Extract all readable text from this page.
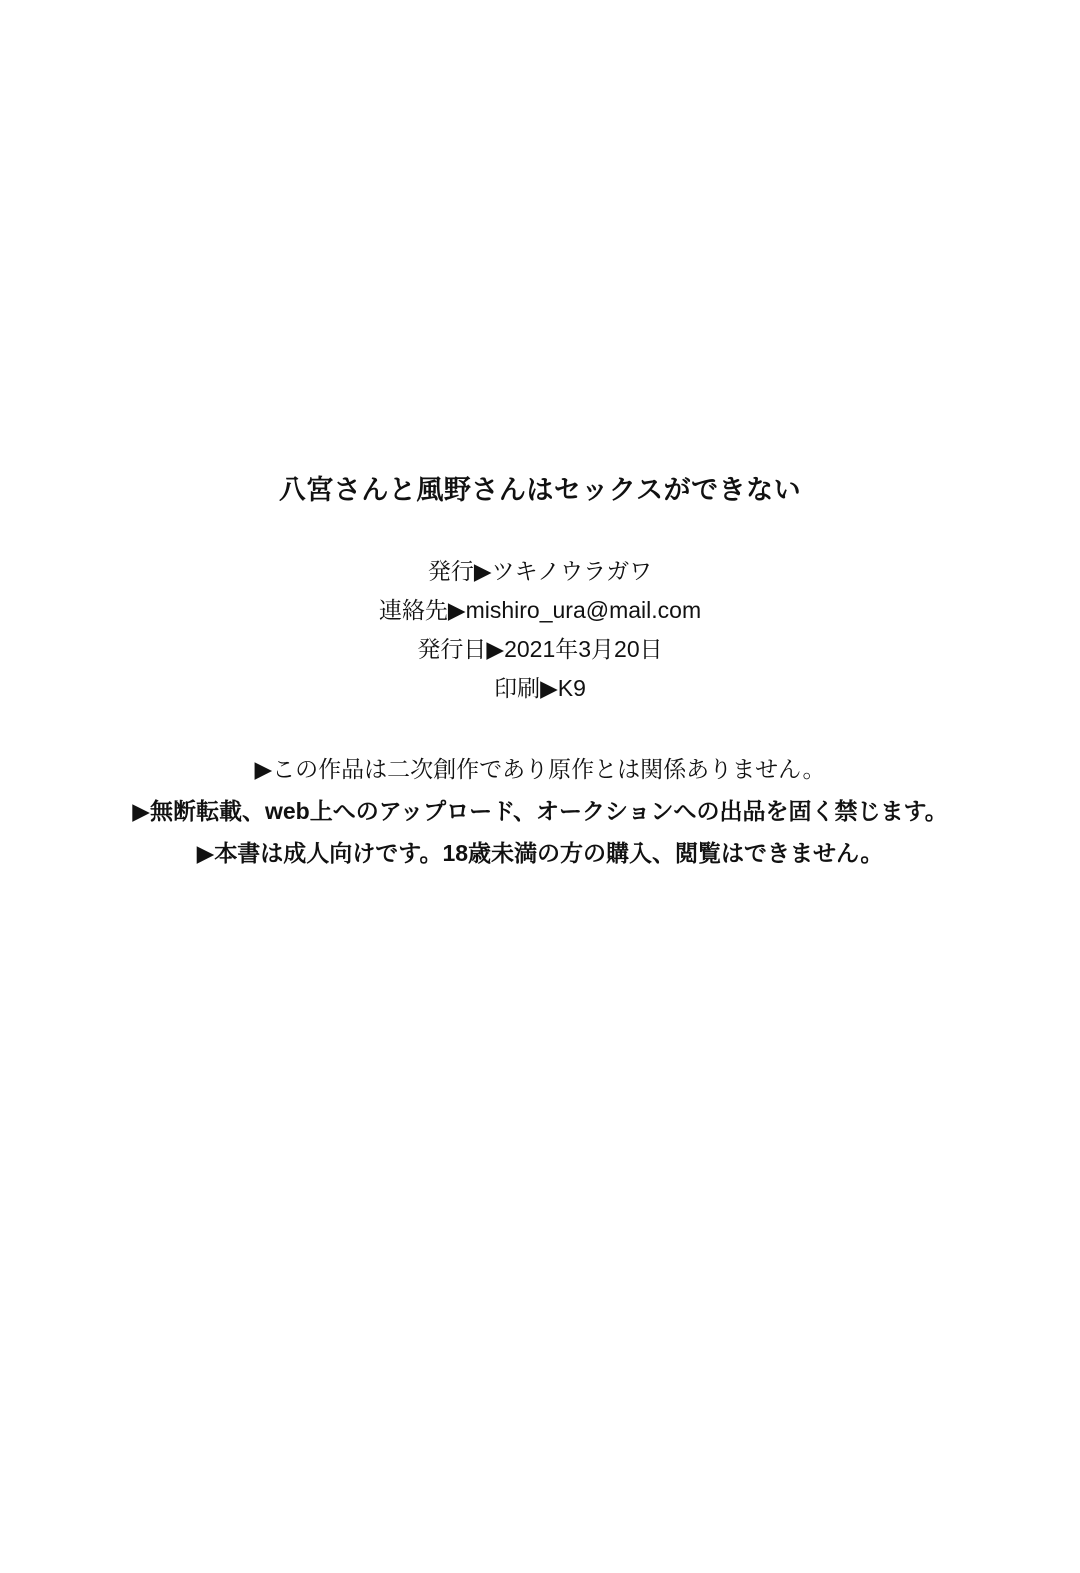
八宮さんと風野さんはセックスができない
発行▶ツキノウラガワ
連絡先▶mishiro_ura@mail.com
発行日▶2021年3月20日
印刷▶K9
▶この作品は二次創作であり原作とは関係ありません。
▶無断転載、web上へのアップロード、オークションへの出品を固く禁じます。
▶本書は成人向けです。18歳未満の方の購入、閲覧はできません。
